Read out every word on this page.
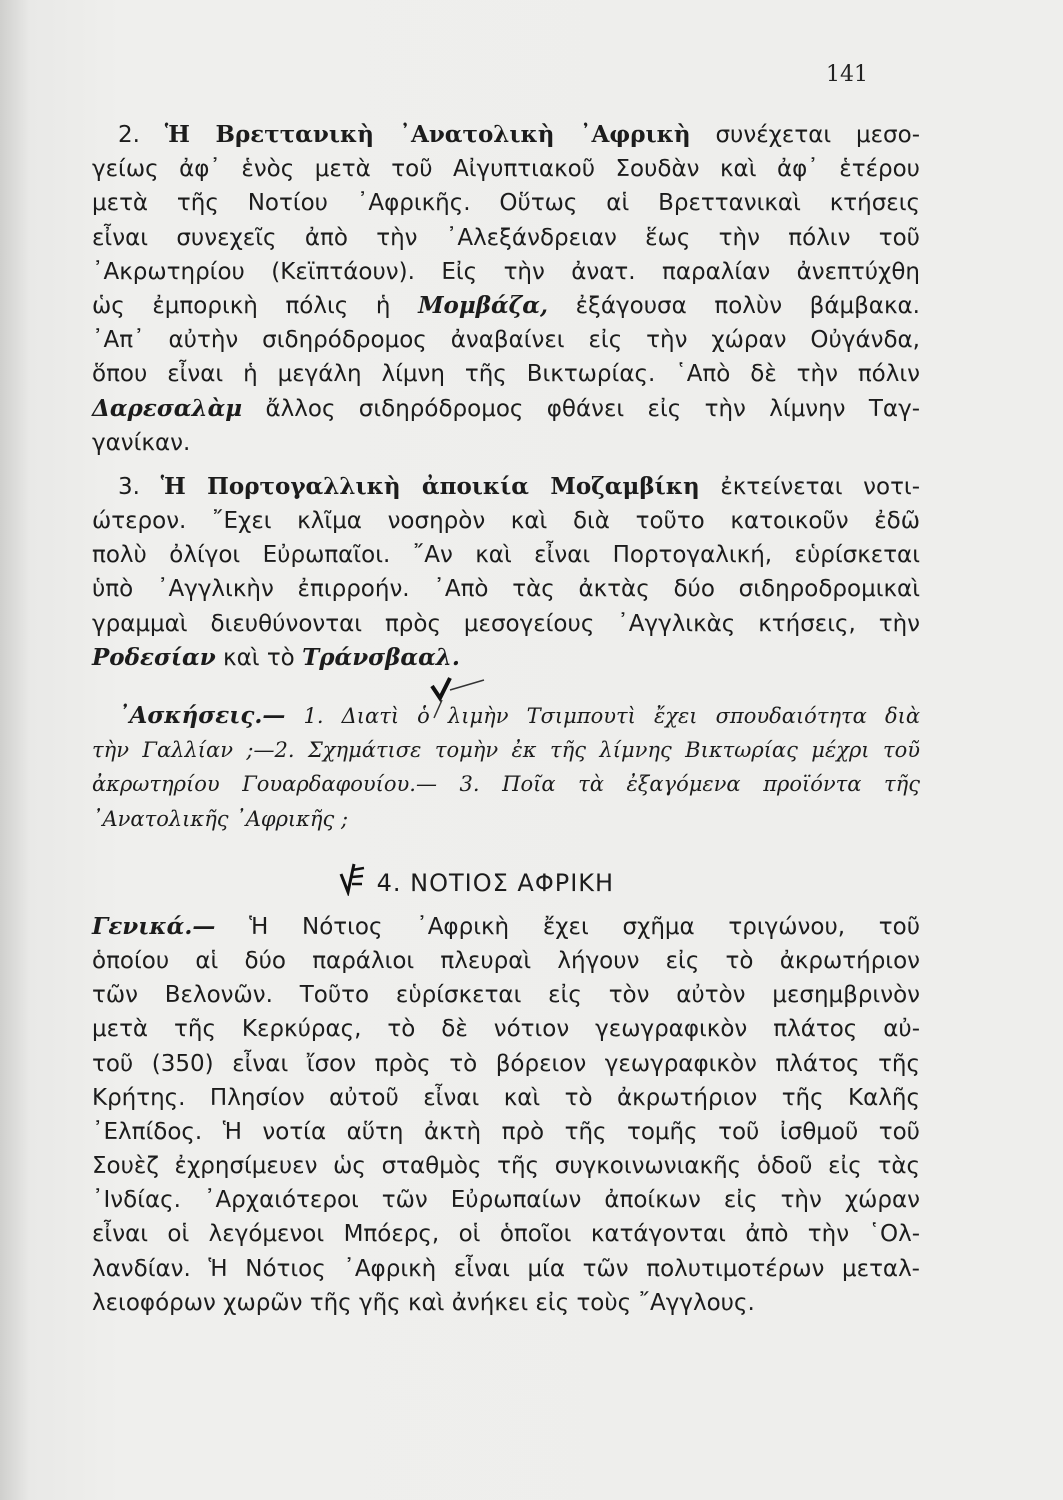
141
2. Ἡ Βρεττανικὴ ᾿Ανατολικὴ ᾿Αφρικὴ συνέχεται μεσο-
γείως ἀφ᾿ ἑνὸς μετὰ τοῦ Αἰγυπτιακοῦ Σουδὰν καὶ ἀφ᾿ ἑτέρου
μετὰ τῆς Νοτίου ᾿Αφρικῆς. Οὕτως αἱ Βρεττανικαὶ κτήσεις
εἶναι συνεχεῖς ἀπὸ τὴν ᾿Αλεξάνδρειαν ἕως τὴν πόλιν τοῦ
᾿Ακρωτηρίου (Κεϊπτάουν). Εἰς τὴν ἀνατ. παραλίαν ἀνεπτύχθη
ὡς ἐμπορικὴ πόλις ἡ Μομβάζα, ἐξάγουσα πολὺν βάμβακα.
᾿Απ᾿ αὐτὴν σιδηρόδρομος ἀναβαίνει εἰς τὴν χώραν Οὐγάνδα,
ὅπου εἶναι ἡ μεγάλη λίμνη τῆς Βικτωρίας. ῾Απὸ δὲ τὴν πόλιν
Δαρεσαλὰμ ἄλλος σιδηρόδρομος φθάνει εἰς τὴν λίμνην Ταγ-
γανίκαν.
3. Ἡ Πορτογαλλικὴ ἀποικία Μοζαμβίκη ἐκτείνεται νοτι-
ώτερον. ῎Εχει κλῖμα νοσηρὸν καὶ διὰ τοῦτο κατοικοῦν ἐδῶ
πολὺ ὀλίγοι Εὐρωπαῖοι. ῎Αν καὶ εἶναι Πορτογαλική, εὑρίσκεται
ὑπὸ ᾿Αγγλικὴν ἐπιρροήν. ᾿Απὸ τὰς ἀκτὰς δύο σιδηροδρομικαὶ
γραμμαὶ διευθύνονται πρὸς μεσογείους ᾿Αγγλικὰς κτήσεις, τὴν
Ροδεσίαν καὶ τὸ Τράνσβααλ.
᾿Ασκήσεις.— 1. Διατὶ ὁ λιμὴν Τσιμπουτὶ ἔχει σπουδαιότητα διὰ
τὴν Γαλλίαν ;—2. Σχημάτισε τομὴν ἐκ τῆς λίμνης Βικτωρίας μέχρι τοῦ
ἀκρωτηρίου Γουαρδαφουίου.— 3. Ποῖα τὰ ἐξαγόμενα προϊόντα τῆς
᾿Ανατολικῆς ᾿Αφρικῆς ;
4. ΝΟΤΙΟΣ ΑΦΡΙΚΗ
Γενικά.— Ἡ Νότιος ᾿Αφρικὴ ἔχει σχῆμα τριγώνου, τοῦ
ὁποίου αἱ δύο παράλιοι πλευραὶ λήγουν εἰς τὸ ἀκρωτήριον
τῶν Βελονῶν. Τοῦτο εὑρίσκεται εἰς τὸν αὐτὸν μεσημβρινὸν
μετὰ τῆς Κερκύρας, τὸ δὲ νότιον γεωγραφικὸν πλάτος αὐ-
τοῦ (350) εἶναι ἴσον πρὸς τὸ βόρειον γεωγραφικὸν πλάτος τῆς
Κρήτης. Πλησίον αὐτοῦ εἶναι καὶ τὸ ἀκρωτήριον τῆς Καλῆς
᾿Ελπίδος. Ἡ νοτία αὕτη ἀκτὴ πρὸ τῆς τομῆς τοῦ ἰσθμοῦ τοῦ
Σουὲζ ἐχρησίμευεν ὡς σταθμὸς τῆς συγκοινωνιακῆς ὁδοῦ εἰς τὰς
᾿Ινδίας. ᾿Αρχαιότεροι τῶν Εὐρωπαίων ἀποίκων εἰς τὴν χώραν
εἶναι οἱ λεγόμενοι Μπόερς, οἱ ὁποῖοι κατάγονται ἀπὸ τὴν ῾Ολ-
λανδίαν. Ἡ Νότιος ᾿Αφρικὴ εἶναι μία τῶν πολυτιμοτέρων μεταλ-
λειοφόρων χωρῶν τῆς γῆς καὶ ἀνήκει εἰς τοὺς ῎Αγγλους.
